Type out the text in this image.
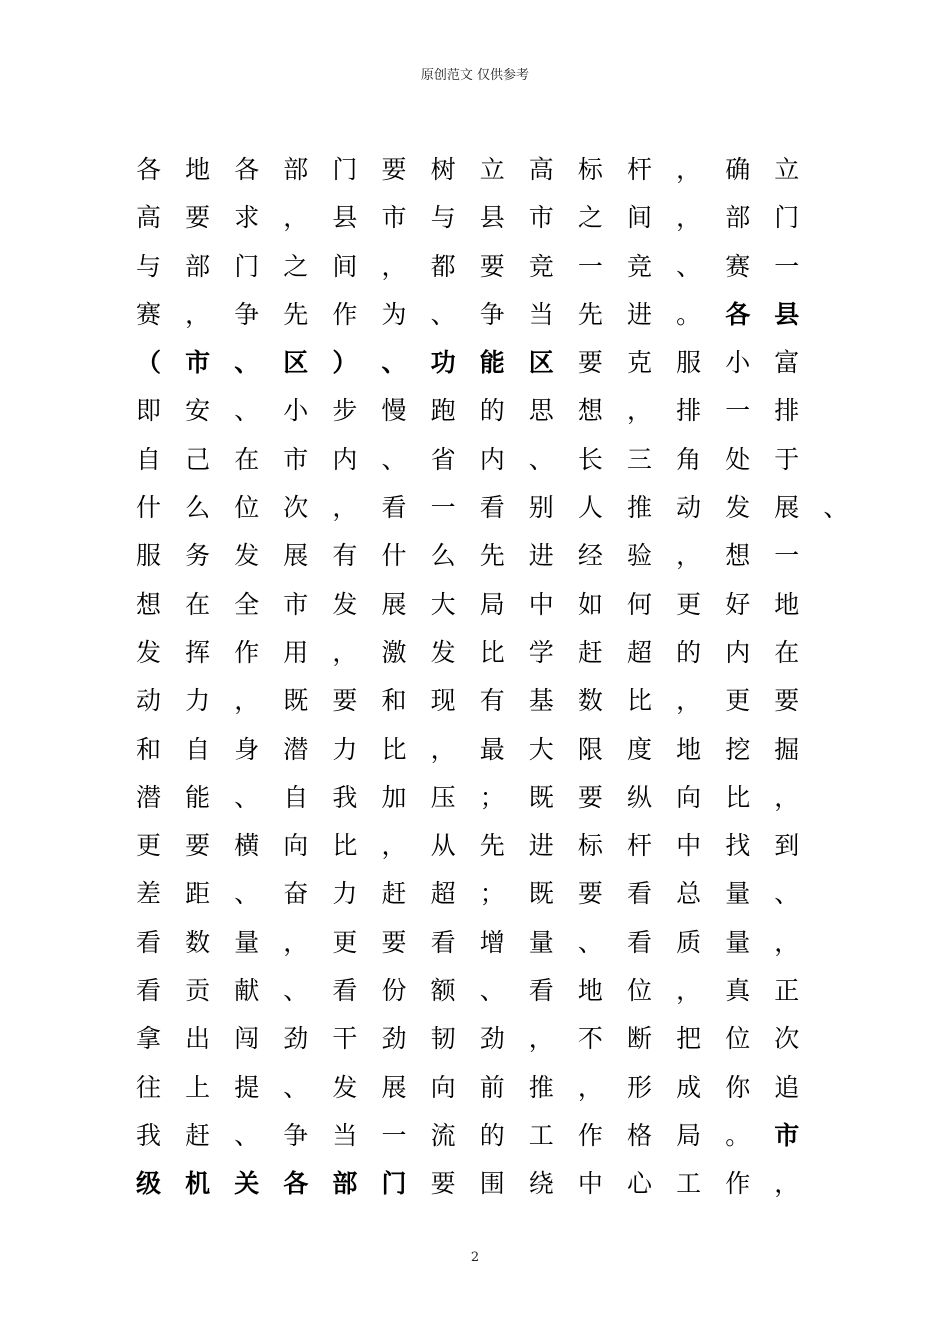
原创范文 仅供参考
各 地 各 部 门 要 树 立 高 标 杆 ， 确 立
高 要 求 ， 县 市 与 县 市 之 间 ， 部 门
与 部 门 之 间 ， 都 要 竞 一 竞 、 赛 一
赛 ， 争 先 作 为 、 争 当 先 进 。 各 县
（ 市 、 区 ） 、 功 能 区 要 克 服 小 富
即 安 、 小 步 慢 跑 的 思 想 ， 排 一 排
自 己 在 市 内 、 省 内 、 长 三 角 处 于
什 么 位 次 ， 看 一 看 别 人 推 动 发 展 、
服 务 发 展 有 什 么 先 进 经 验 ， 想 一
想 在 全 市 发 展 大 局 中 如 何 更 好 地
发 挥 作 用 ， 激 发 比 学 赶 超 的 内 在
动 力 ， 既 要 和 现 有 基 数 比 ， 更 要
和 自 身 潜 力 比 ， 最 大 限 度 地 挖 掘
潜 能 、 自 我 加 压 ； 既 要 纵 向 比 ，
更 要 横 向 比 ， 从 先 进 标 杆 中 找 到
差 距 、 奋 力 赶 超 ； 既 要 看 总 量 、
看 数 量 ， 更 要 看 增 量 、 看 质 量 ，
看 贡 献 、 看 份 额 、 看 地 位 ， 真 正
拿 出 闯 劲 干 劲 韧 劲 ， 不 断 把 位 次
往 上 提 、 发 展 向 前 推 ， 形 成 你 追
我 赶 、 争 当 一 流 的 工 作 格 局 。 市
级 机 关 各 部 门 要 围 绕 中 心 工 作 ，
2
